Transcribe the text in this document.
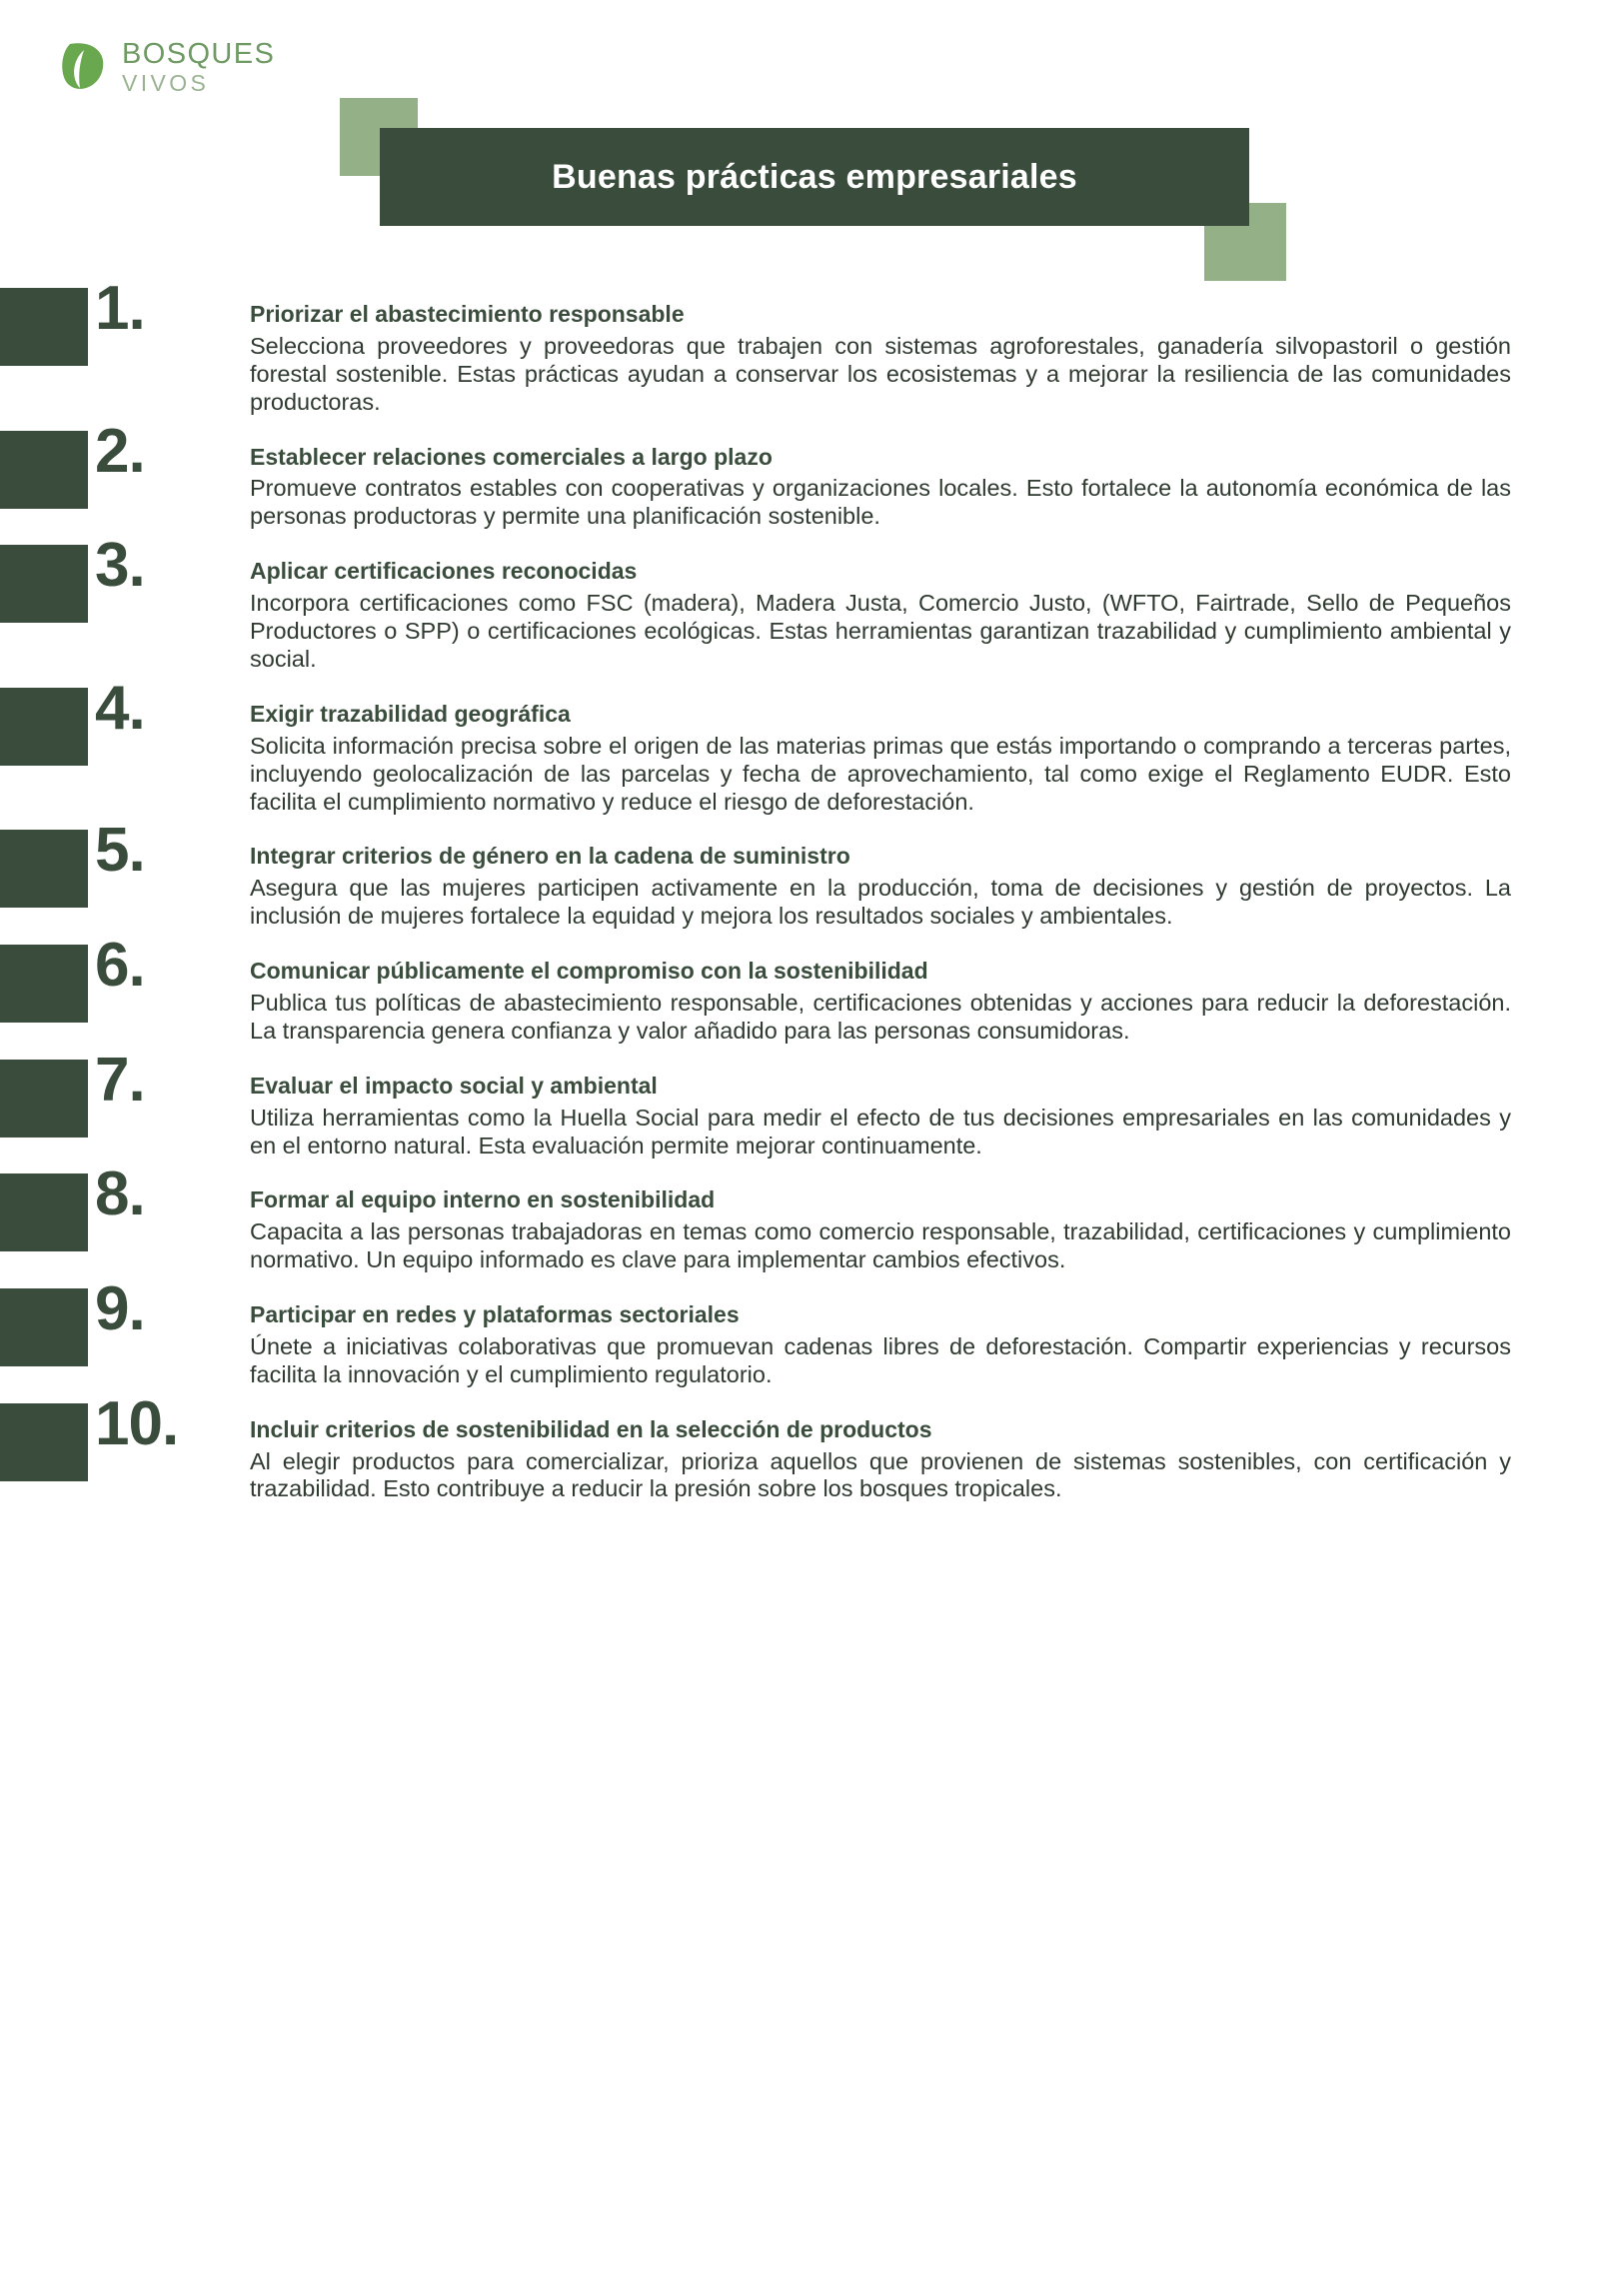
BOSQUES
VIVOS
Buenas prácticas empresariales
1.	Priorizar el abastecimiento responsable

Selecciona proveedores y proveedoras que trabajen con sistemas agroforestales, ganadería silvopastoril o gestión forestal sostenible. Estas prácticas ayudan a conservar los ecosistemas y a mejorar la resiliencia de las comunidades productoras.

2.	Establecer relaciones comerciales a largo plazo

Promueve contratos estables con cooperativas y organizaciones locales. Esto fortalece la autonomía económica de las personas productoras y permite una planificación sostenible.

3.	Aplicar certificaciones reconocidas

Incorpora certificaciones como FSC (madera), Madera Justa, Comercio Justo, (WFTO, Fairtrade, Sello de Pequeños Productores o SPP) o certificaciones ecológicas. Estas herramientas garantizan trazabilidad y cumplimiento ambiental y social.

4.	Exigir trazabilidad geográfica

Solicita información precisa sobre el origen de las materias primas que estás importando o comprando a terceras partes, incluyendo geolocalización de las parcelas y fecha de aprovechamiento, tal como exige el Reglamento EUDR. Esto facilita el cumplimiento normativo y reduce el riesgo de deforestación.

5.	Integrar criterios de género en la cadena de suministro

Asegura que las mujeres participen activamente en la producción, toma de decisiones y gestión de proyectos. La inclusión de mujeres fortalece la equidad y mejora los resultados sociales y ambientales.

6.	Comunicar públicamente el compromiso con la sostenibilidad

Publica tus políticas de abastecimiento responsable, certificaciones obtenidas y acciones para reducir la deforestación. La transparencia genera confianza y valor añadido para las personas consumidoras.

7.	Evaluar el impacto social y ambiental

Utiliza herramientas como la Huella Social para medir el efecto de tus decisiones empresariales en las comunidades y en el entorno natural. Esta evaluación permite mejorar continuamente.

8.	Formar al equipo interno en sostenibilidad

Capacita a las personas trabajadoras en temas como comercio responsable, trazabilidad, certificaciones y cumplimiento normativo. Un equipo informado es clave para implementar cambios efectivos.

9.	Participar en redes y plataformas sectoriales

Únete a iniciativas colaborativas que promuevan cadenas libres de deforestación. Compartir experiencias y recursos facilita la innovación y el cumplimiento regulatorio.

10.	Incluir criterios de sostenibilidad en la selección de productos

Al elegir productos para comercializar, prioriza aquellos que provienen de sistemas sostenibles, con certificación y trazabilidad. Esto contribuye a reducir la presión sobre los bosques tropicales.
